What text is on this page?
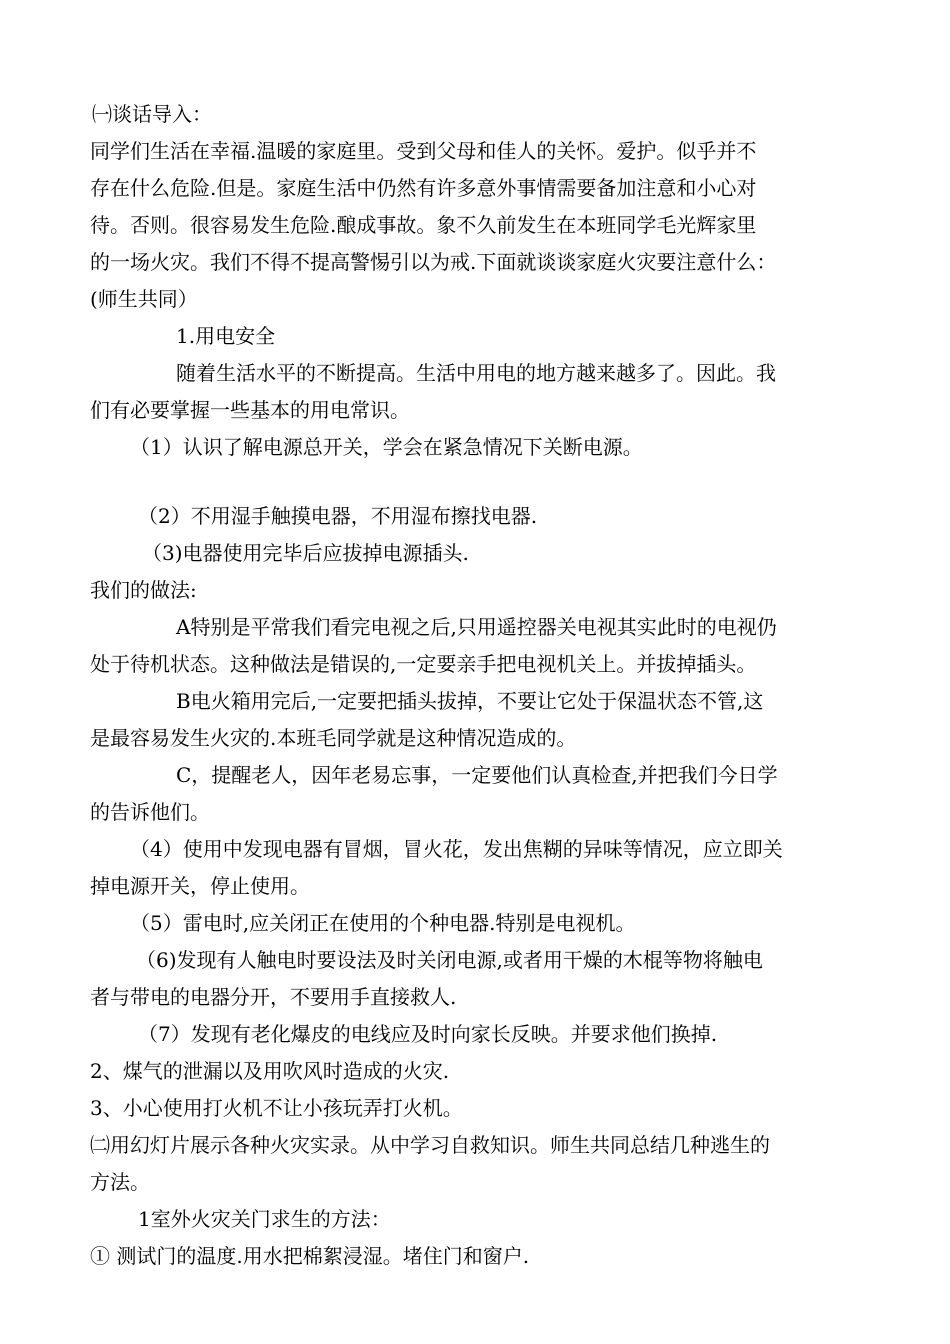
㈠谈话导入：
同学们生活在幸福.温暖的家庭里。受到父母和佳人的关怀。爱护。似乎并不
存在什么危险.但是。家庭生活中仍然有许多意外事情需要备加注意和小心对
待。否则。很容易发生危险.酿成事故。象不久前发生在本班同学毛光辉家里
的一场火灾。我们不得不提高警惕引以为戒.下面就谈谈家庭火灾要注意什么：
(师生共同）
1.用电安全
随着生活水平的不断提高。生活中用电的地方越来越多了。因此。我
们有必要掌握一些基本的用电常识。
（1）认识了解电源总开关，学会在紧急情况下关断电源。
（2）不用湿手触摸电器，不用湿布擦找电器.
（3)电器使用完毕后应拔掉电源插头.
我们的做法:
A特别是平常我们看完电视之后,只用遥控器关电视其实此时的电视仍
处于待机状态。这种做法是错误的,一定要亲手把电视机关上。并拔掉插头。
B电火箱用完后,一定要把插头拔掉，不要让它处于保温状态不管,这
是最容易发生火灾的.本班毛同学就是这种情况造成的。
C，提醒老人，因年老易忘事，一定要他们认真检查,并把我们今日学
的告诉他们。
（4）使用中发现电器有冒烟，冒火花，发出焦糊的异味等情况，应立即关
掉电源开关，停止使用。
（5）雷电时,应关闭正在使用的个种电器.特别是电视机。
（6)发现有人触电时要设法及时关闭电源,或者用干燥的木棍等物将触电
者与带电的电器分开，不要用手直接救人.
（7）发现有老化爆皮的电线应及时向家长反映。并要求他们换掉.
2、煤气的泄漏以及用吹风时造成的火灾.
3、小心使用打火机不让小孩玩弄打火机。
㈡用幻灯片展示各种火灾实录。从中学习自救知识。师生共同总结几种逃生的
方法。
1室外火灾关门求生的方法：
① 测试门的温度.用水把棉絮浸湿。堵住门和窗户.
